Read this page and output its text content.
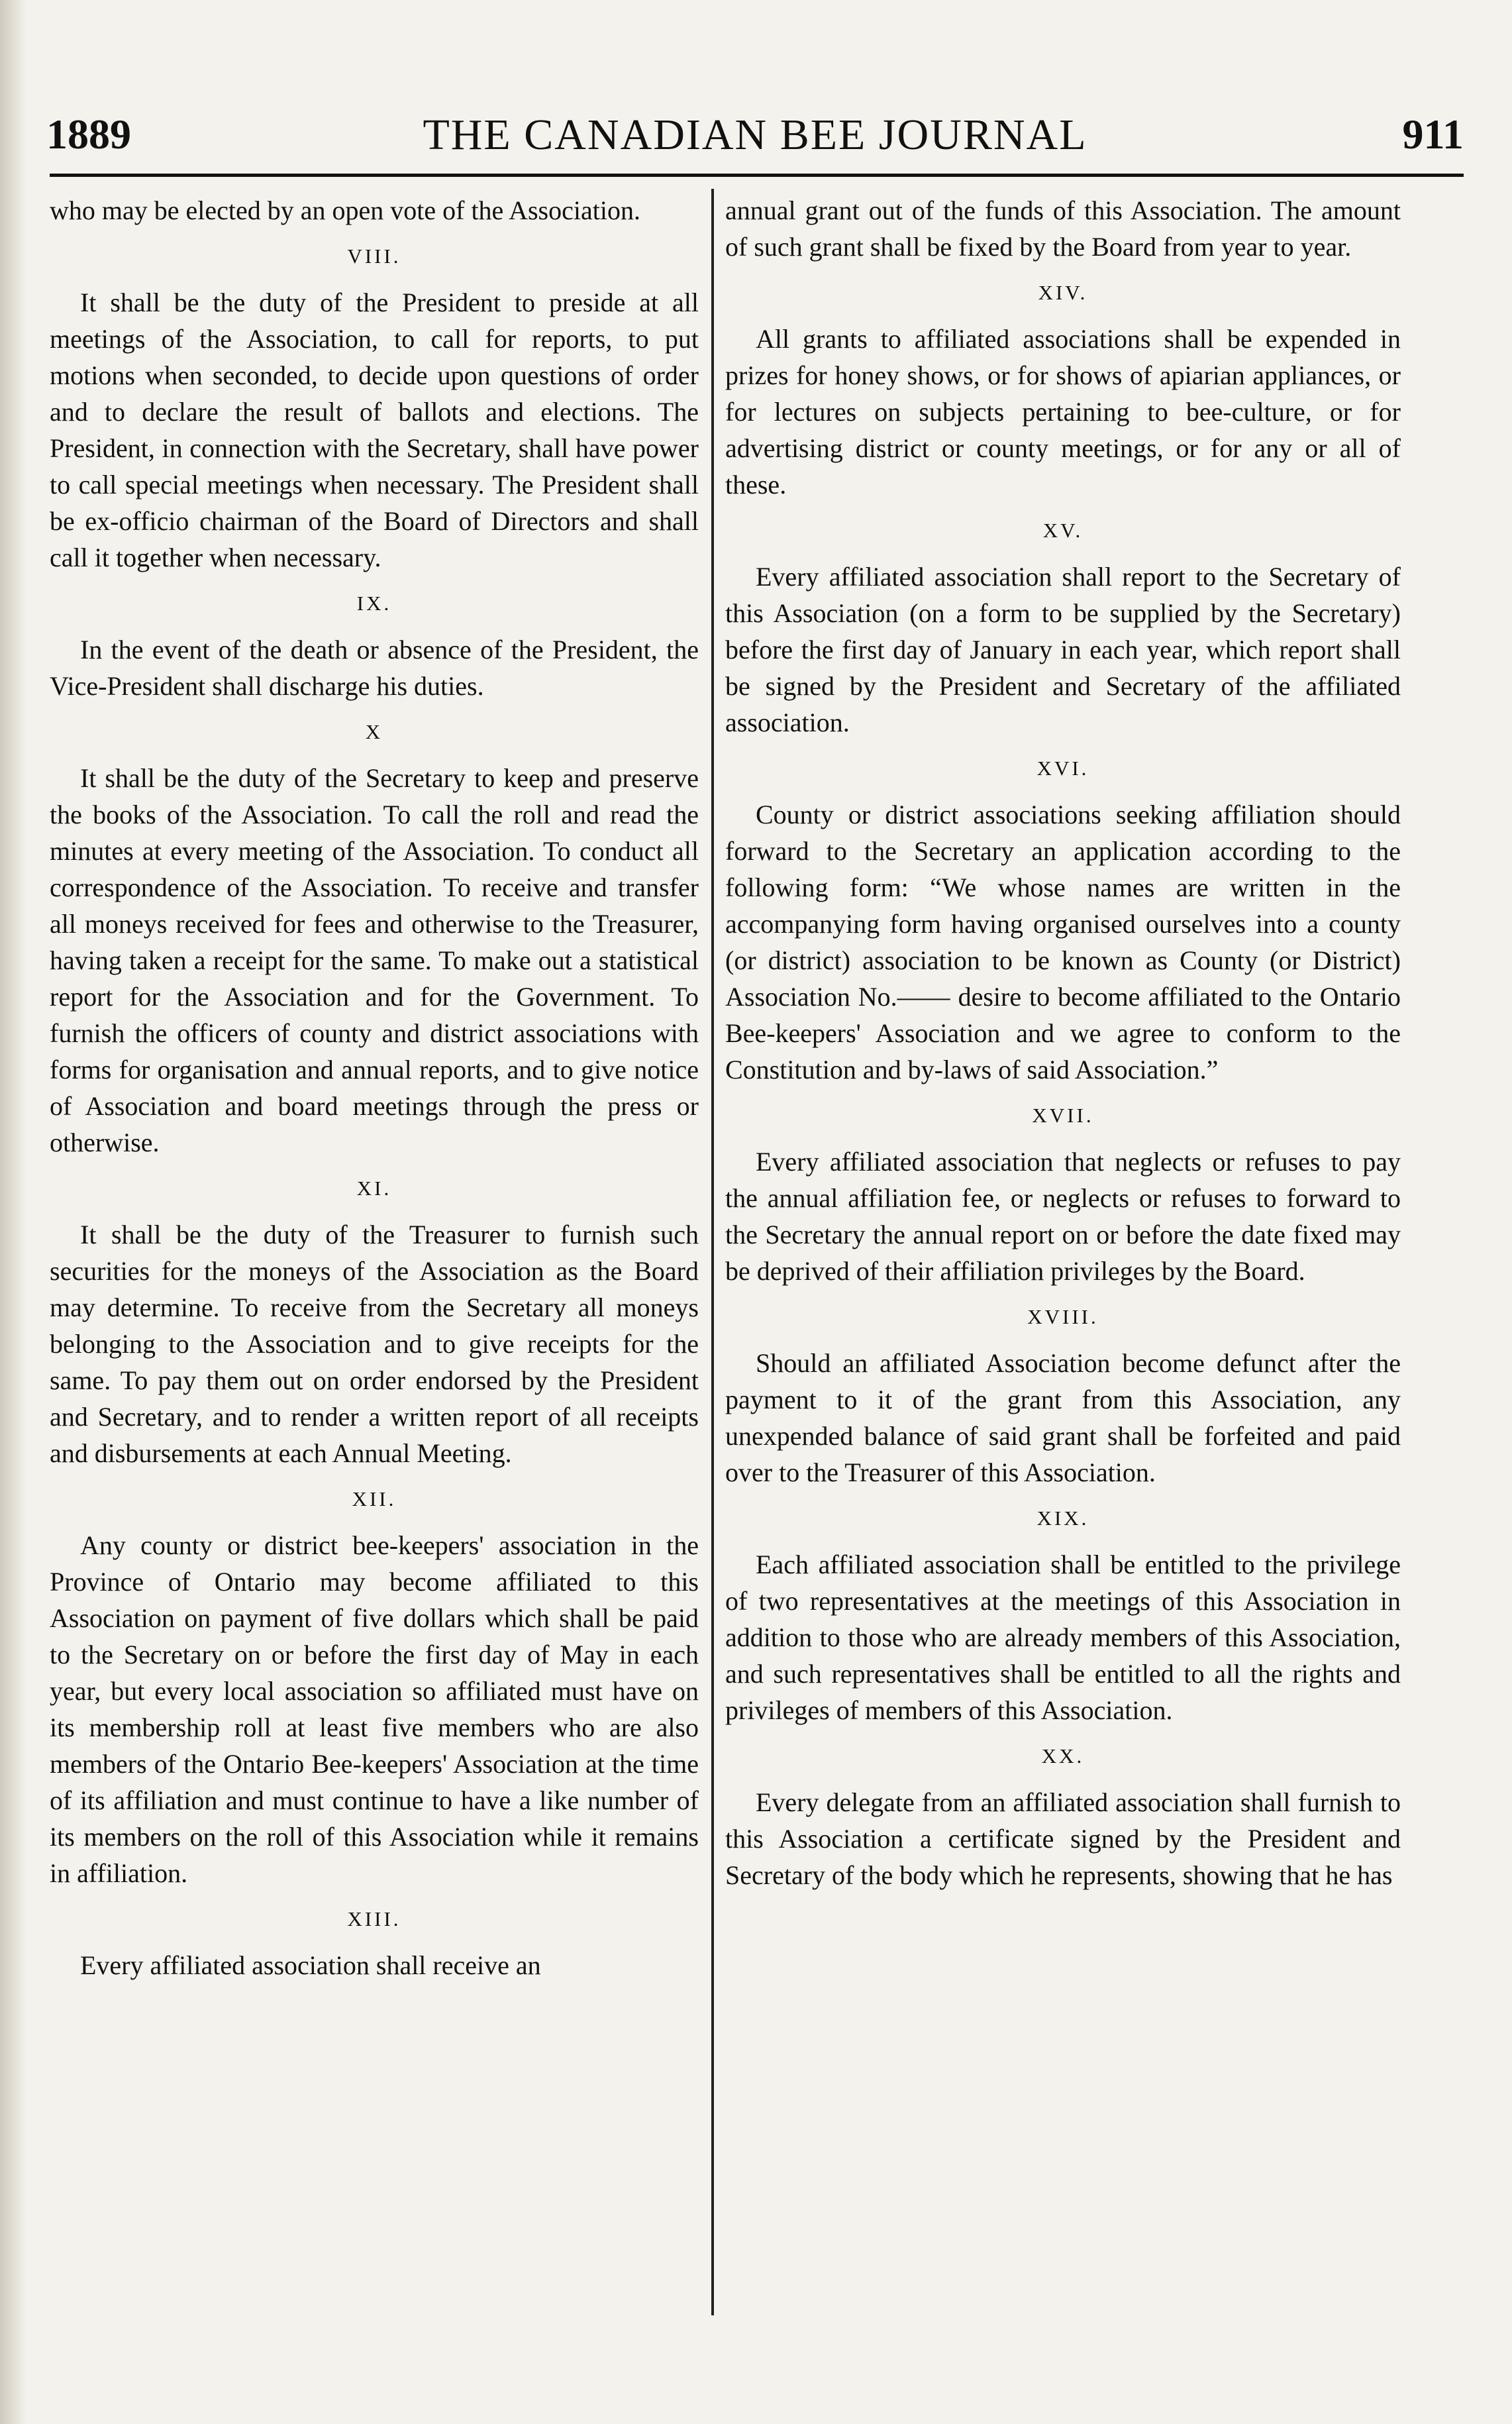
1889	THE CANADIAN BEE JOURNAL	911

who may be elected by an open vote of the Association.

VIII.

It shall be the duty of the President to preside at all meetings of the Association, to call for reports, to put motions when seconded, to decide upon questions of order and to declare the result of ballots and elections. The President, in connection with the Secretary, shall have power to call special meetings when necessary. The President shall be ex-officio chairman of the Board of Directors and shall call it together when necessary.

IX.

In the event of the death or absence of the President, the Vice-President shall discharge his duties.

X

It shall be the duty of the Secretary to keep and preserve the books of the Association. To call the roll and read the minutes at every meeting of the Association. To conduct all correspondence of the Association. To receive and transfer all moneys received for fees and otherwise to the Treasurer, having taken a receipt for the same. To make out a statistical report for the Association and for the Government. To furnish the officers of county and district associations with forms for organisation and annual reports, and to give notice of Association and board meetings through the press or otherwise.

XI.

It shall be the duty of the Treasurer to furnish such securities for the moneys of the Association as the Board may determine. To receive from the Secretary all moneys belonging to the Association and to give receipts for the same. To pay them out on order endorsed by the President and Secretary, and to render a written report of all receipts and disbursements at each Annual Meeting.

XII.

Any county or district bee-keepers' association in the Province of Ontario may become affiliated to this Association on payment of five dollars which shall be paid to the Secretary on or before the first day of May in each year, but every local association so affiliated must have on its membership roll at least five members who are also members of the Ontario Bee-keepers' Association at the time of its affiliation and must continue to have a like number of its members on the roll of this Association while it remains in affiliation.

XIII.

Every affiliated association shall receive an

annual grant out of the funds of this Association. The amount of such grant shall be fixed by the Board from year to year.

XIV.

All grants to affiliated associations shall be expended in prizes for honey shows, or for shows of apiarian appliances, or for lectures on subjects pertaining to bee-culture, or for advertising district or county meetings, or for any or all of these.

XV.

Every affiliated association shall report to the Secretary of this Association (on a form to be supplied by the Secretary) before the first day of January in each year, which report shall be signed by the President and Secretary of the affiliated association.

XVI.

County or district associations seeking affiliation should forward to the Secretary an application according to the following form: “We whose names are written in the accompanying form having organised ourselves into a county (or district) association to be known as County (or District) Association No.—— desire to become affiliated to the Ontario Bee-keepers' Association and we agree to conform to the Constitution and by-laws of said Association.”

XVII.

Every affiliated association that neglects or refuses to pay the annual affiliation fee, or neglects or refuses to forward to the Secretary the annual report on or before the date fixed may be deprived of their affiliation privileges by the Board.

XVIII.

Should an affiliated Association become defunct after the payment to it of the grant from this Association, any unexpended balance of said grant shall be forfeited and paid over to the Treasurer of this Association.

XIX.

Each affiliated association shall be entitled to the privilege of two representatives at the meetings of this Association in addition to those who are already members of this Association, and such representatives shall be entitled to all the rights and privileges of members of this Association.

XX.

Every delegate from an affiliated association shall furnish to this Association a certificate signed by the President and Secretary of the body which he represents, showing that he has
